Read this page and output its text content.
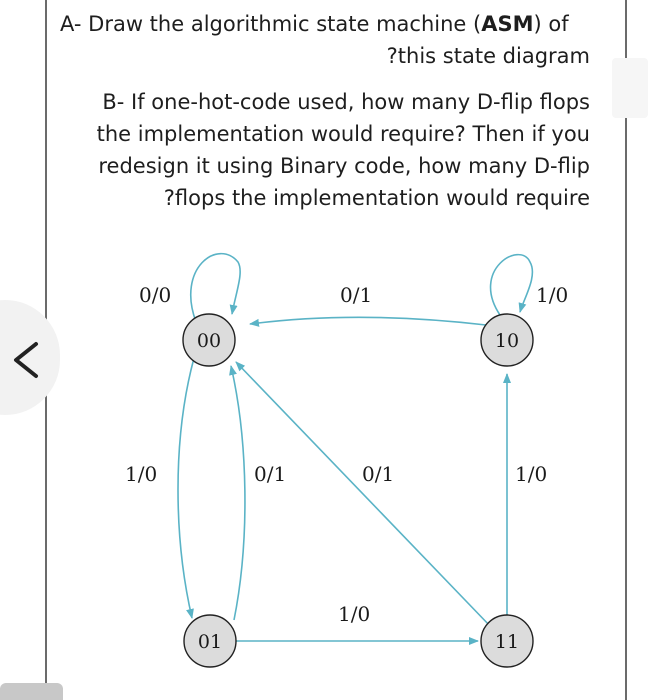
A- Draw the algorithmic state machine (ASM) of
?this state diagram
B- If one-hot-code used, how many D-flip flops
the implementation would require? Then if you
redesign it using Binary code, how many D-flip
?flops the implementation would require
0/0	0/1	1/0
1/0	0/1	0/1	1/0
1/0
00	10
01	11
